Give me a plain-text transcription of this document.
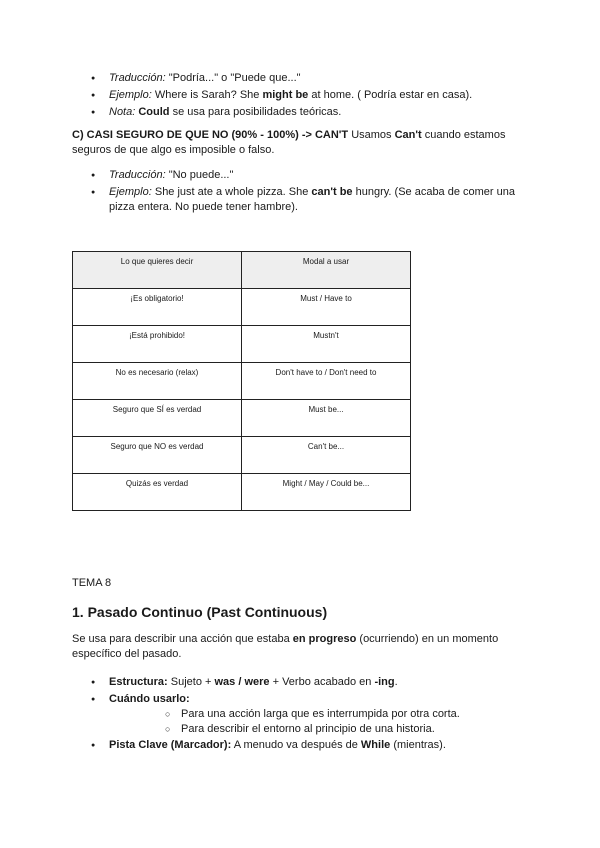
● Traducción: "Podría..." o "Puede que..."
● Ejemplo: Where is Sarah? She might be at home. ( Podría estar en casa).
● Nota: Could se usa para posibilidades teóricas.
C) CASI SEGURO DE QUE NO (90% - 100%) -> CAN'T Usamos Can't cuando estamos seguros de que algo es imposible o falso.
● Traducción: "No puede..."
● Ejemplo: She just ate a whole pizza. She can't be hungry. (Se acaba de comer una pizza entera. No puede tener hambre).
Lo que quieres decir	Modal a usar
¡Es obligatorio!	Must / Have to
¡Está prohibido!	Mustn't
No es necesario (relax)	Don't have to / Don't need to
Seguro que SÍ es verdad	Must be...
Seguro que NO es verdad	Can't be...
Quizás es verdad	Might / May / Could be...
TEMA 8
1. Pasado Continuo (Past Continuous)
Se usa para describir una acción que estaba en progreso (ocurriendo) en un momento específico del pasado.
● Estructura: Sujeto + was / were + Verbo acabado en -ing.
● Cuándo usarlo:
○ Para una acción larga que es interrumpida por otra corta.
○ Para describir el entorno al principio de una historia.
● Pista Clave (Marcador): A menudo va después de While (mientras).
